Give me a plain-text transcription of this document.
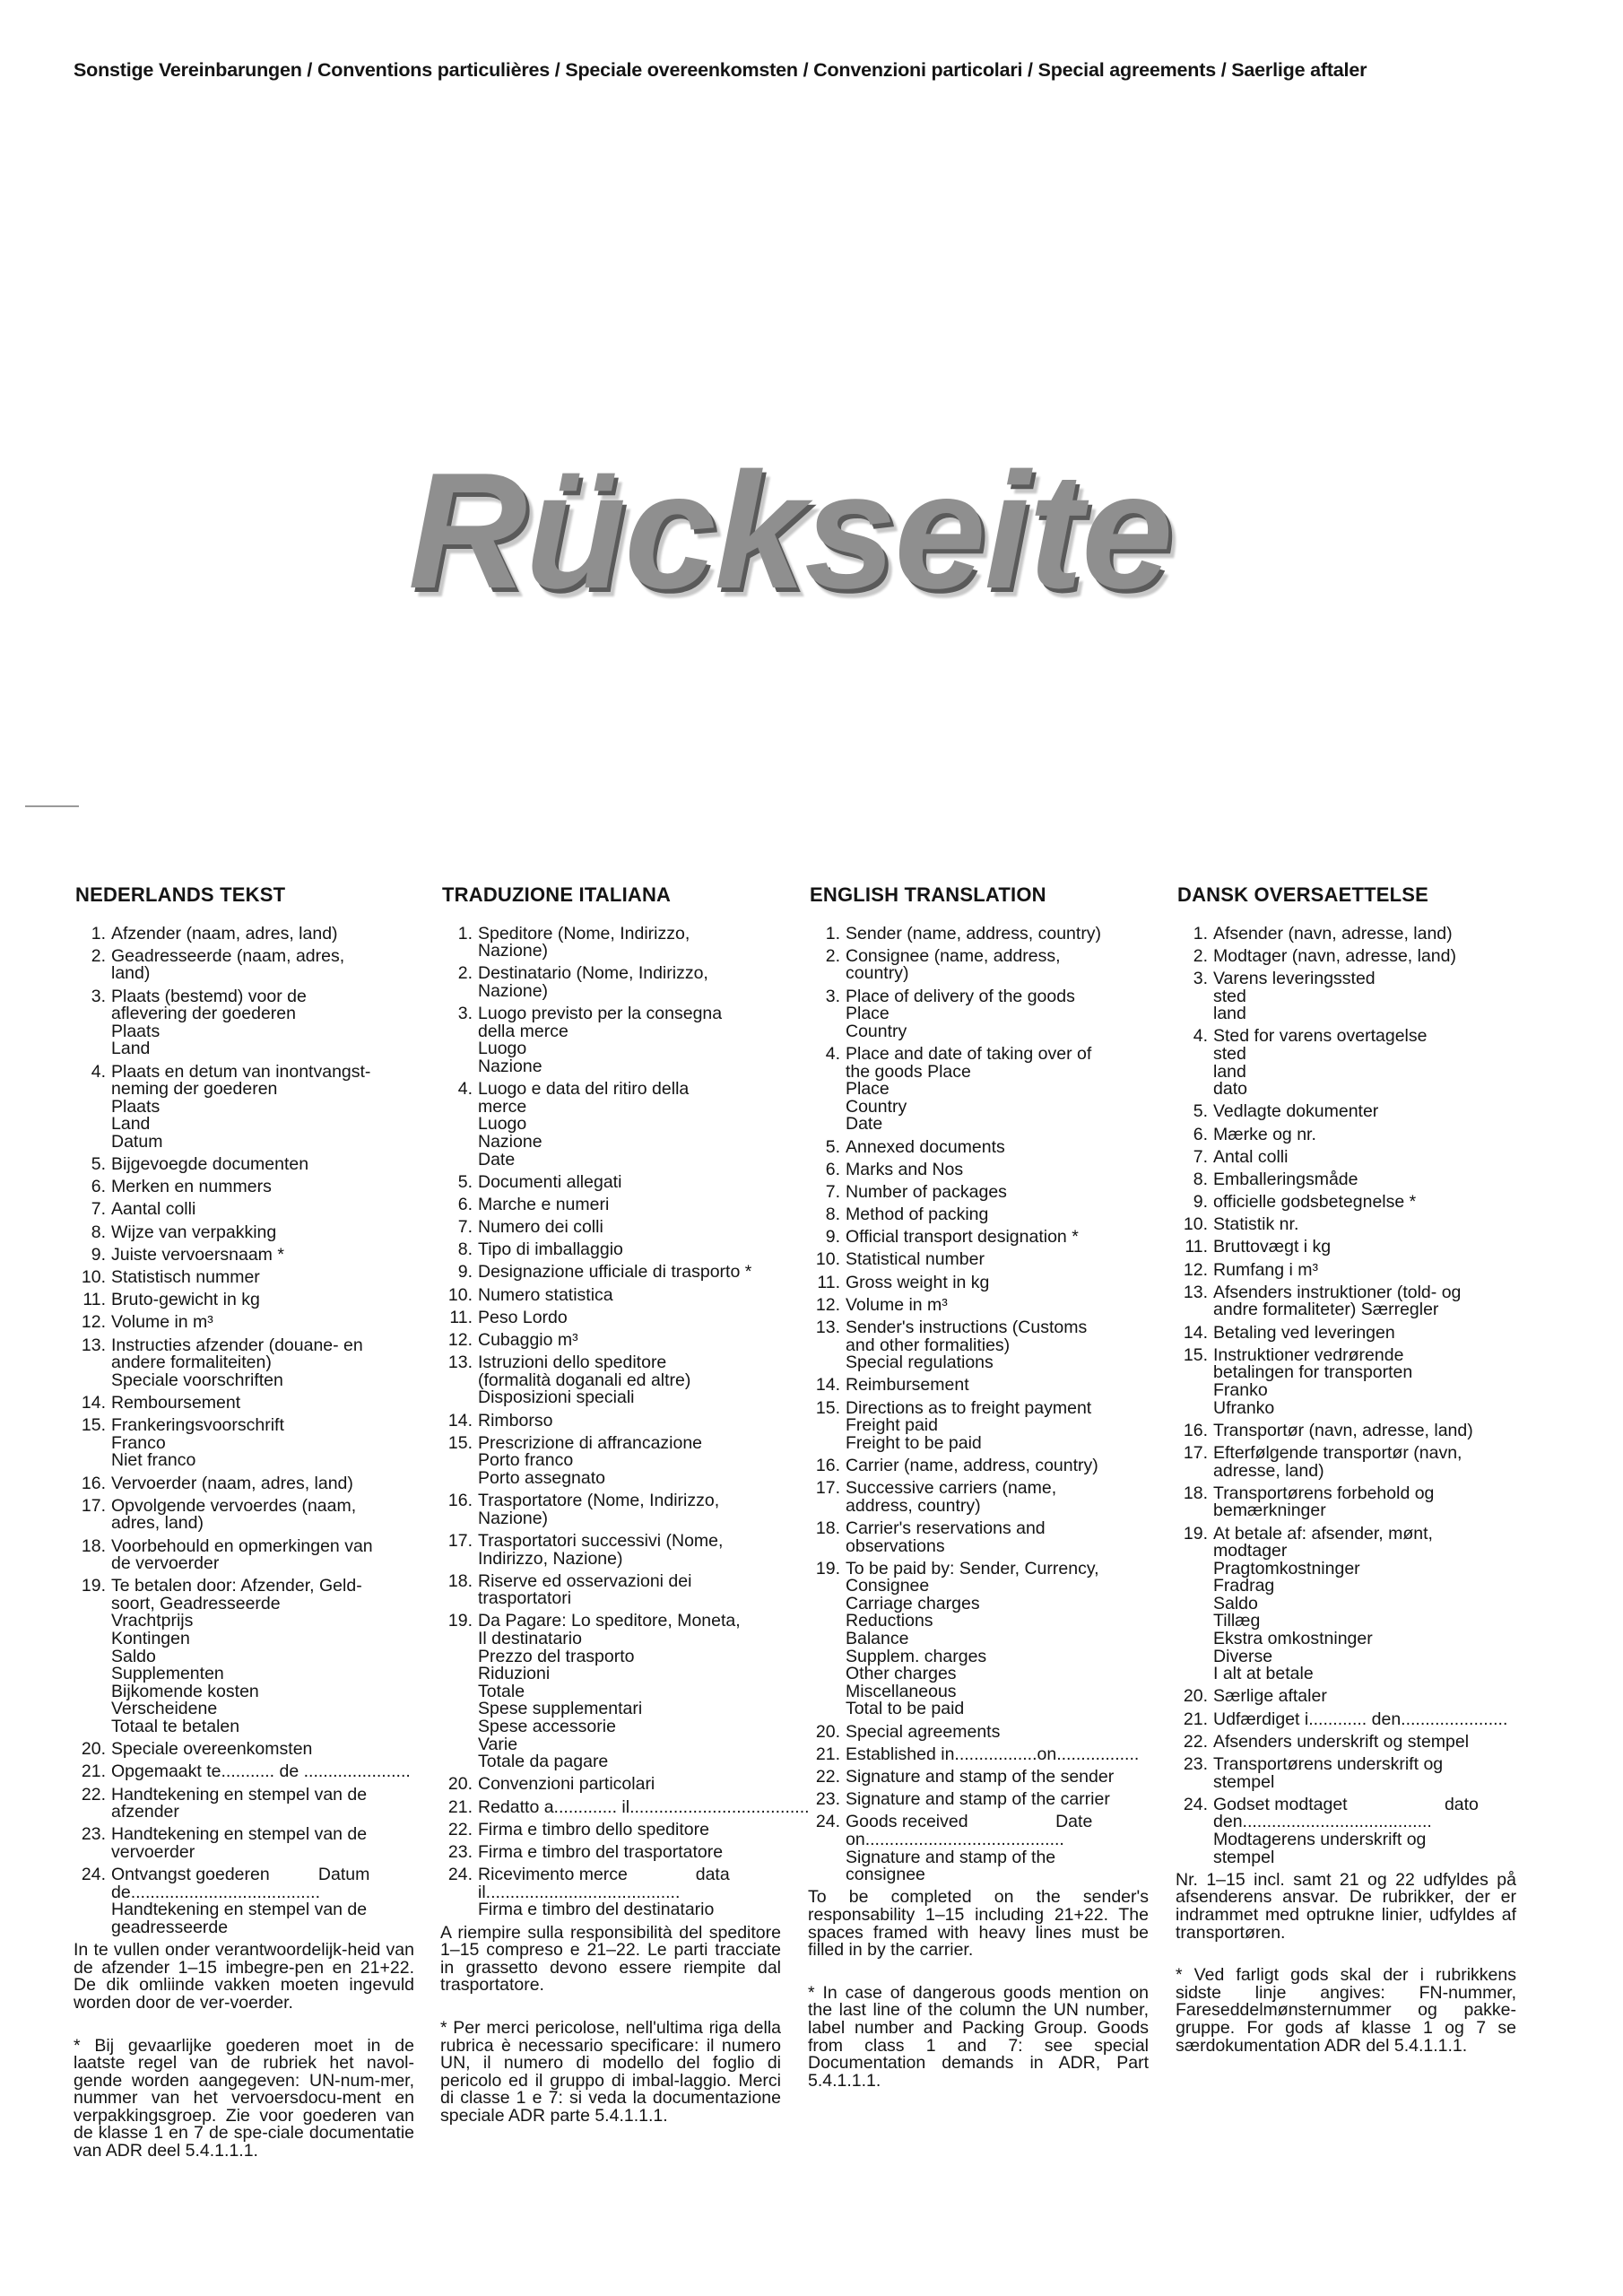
Sonstige Vereinbarungen / Conventions particulières / Speciale overeenkomsten / Convenzioni particolari / Special agreements / Saerlige aftaler
Rückseite
NEDERLANDS TEKST
1. Afzender (naam, adres, land)
2. Geadresseerde (naam, adres,
land)
3. Plaats (bestemd) voor de
aflevering der goederen
Plaats
Land
4. Plaats en detum van inontvangst-
neming der goederen
Plaats
Land
Datum
5. Bijgevoegde documenten
6. Merken en nummers
7. Aantal colli
8. Wijze van verpakking
9. Juiste vervoersnaam *
10. Statistisch nummer
11. Bruto-gewicht in kg
12. Volume in m³
13. Instructies afzender (douane- en
andere formaliteiten)
Speciale voorschriften
14. Remboursement
15. Frankeringsvoorschrift
Franco
Niet franco
16. Vervoerder (naam, adres, land)
17. Opvolgende vervoerdes (naam,
adres, land)
18. Voorbehould en opmerkingen van
de vervoerder
19. Te betalen door: Afzender, Geld-
soort, Geadresseerde
Vrachtprijs
Kontingen
Saldo
Supplementen
Bijkomende kosten
Verscheidene
Totaal te betalen
20. Speciale overeenkomsten
21. Opgemaakt te........... de ......................
22. Handtekening en stempel van de
afzender
23. Handtekening en stempel van de
vervoerder
24. Ontvangst goederen          Datum
de.......................................
Handtekening en stempel van de
geadresseerde
In te vullen onder verantwoordelijk-heid van de afzender 1–15 imbegre-pen en 21+22. De dik omliinde vakken moeten ingevuld worden door de ver-voerder.
* Bij gevaarlijke goederen moet in de laatste regel van de rubriek het navol-gende worden aangegeven: UN-num-mer, nummer van het vervoersdocu-ment en verpakkingsgroep. Zie voor goederen van de klasse 1 en 7 de spe-ciale documentatie van ADR deel 5.4.1.1.1.
TRADUZIONE ITALIANA
1. Speditore (Nome, Indirizzo,
Nazione)
2. Destinatario (Nome, Indirizzo,
Nazione)
3. Luogo previsto per la consegna
della merce
Luogo
Nazione
4. Luogo e data del ritiro della
merce
Luogo
Nazione
Date
5. Documenti allegati
6. Marche e numeri
7. Numero dei colli
8. Tipo di imballaggio
9. Designazione ufficiale di trasporto *
10. Numero statistica
11. Peso Lordo
12. Cubaggio m³
13. Istruzioni dello speditore
(formalità doganali ed altre)
Disposizioni speciali
14. Rimborso
15. Prescrizione di affrancazione
Porto franco
Porto assegnato
16. Trasportatore (Nome, Indirizzo,
Nazione)
17. Trasportatori successivi (Nome,
Indirizzo, Nazione)
18. Riserve ed osservazioni dei
trasportatori
19. Da Pagare: Lo speditore, Moneta,
Il destinatario
Prezzo del trasporto
Riduzioni
Totale
Spese supplementari
Spese accessorie
Varie
Totale da pagare
20. Convenzioni particolari
21. Redatto a............. il.....................................
22. Firma e timbro dello speditore
23. Firma e timbro del trasportatore
24. Ricevimento merce              data
il........................................
Firma e timbro del destinatario
A riempire sulla responsibilità del speditore 1–15 compreso e 21–22. Le parti tracciate in grassetto devono essere riempite dal trasportatore.
* Per merci pericolose, nell'ultima riga della rubrica è necessario specificare: il numero UN, il numero di modello del foglio di pericolo ed il gruppo di imbal-laggio. Merci di classe 1 e 7: si veda la documentazione speciale ADR parte 5.4.1.1.1.
ENGLISH TRANSLATION
1. Sender (name, address, country)
2. Consignee (name, address,
country)
3. Place of delivery of the goods
Place
Country
4. Place and date of taking over of
the goods Place
Place
Country
Date
5. Annexed documents
6. Marks and Nos
7. Number of packages
8. Method of packing
9. Official transport designation *
10. Statistical number
11. Gross weight in kg
12. Volume in m³
13. Sender's instructions (Customs
and other formalities)
Special regulations
14. Reimbursement
15. Directions as to freight payment
Freight paid
Freight to be paid
16. Carrier (name, address, country)
17. Successive carriers (name,
address, country)
18. Carrier's reservations and
observations
19. To be paid by: Sender, Currency,
Consignee
Carriage charges
Reductions
Balance
Supplem. charges
Other charges
Miscellaneous
Total to be paid
20. Special agreements
21. Established in.................on.................
22. Signature and stamp of the sender
23. Signature and stamp of the carrier
24. Goods received                  Date
on.........................................
Signature and stamp of the
consignee
To be completed on the sender's responsability 1–15 including 21+22. The spaces framed with heavy lines must be filled in by the carrier.
* In case of dangerous goods mention on the last line of the column the UN number, label number and Packing Group. Goods from class 1 and 7: see special Documentation demands in ADR, Part 5.4.1.1.1.
DANSK OVERSAETTELSE
1. Afsender (navn, adresse, land)
2. Modtager (navn, adresse, land)
3. Varens leveringssted
sted
land
4. Sted for varens overtagelse
sted
land
dato
5. Vedlagte dokumenter
6. Mærke og nr.
7. Antal colli
8. Emballeringsmåde
9. officielle godsbetegnelse *
10. Statistik nr.
11. Bruttovægt i kg
12. Rumfang i m³
13. Afsenders instruktioner (told- og
andre formaliteter) Særregler
14. Betaling ved leveringen
15. Instruktioner vedrørende
betalingen for transporten
Franko
Ufranko
16. Transportør (navn, adresse, land)
17. Efterfølgende transportør (navn,
adresse, land)
18. Transportørens forbehold og
bemærkninger
19. At betale af: afsender, mønt,
modtager
Pragtomkostninger
Fradrag
Saldo
Tillæg
Ekstra omkostninger
Diverse
I alt at betale
20. Særlige aftaler
21. Udfærdiget i............ den......................
22. Afsenders underskrift og stempel
23. Transportørens underskrift og
stempel
24. Godset modtaget                    dato
den.......................................
Modtagerens underskrift og
stempel
Nr. 1–15 incl. samt 21 og 22 udfyldes på afsenderens ansvar. De rubrikker, der er indrammet med optrukne linier, udfyldes af transportøren.
* Ved farligt gods skal der i rubrikkens sidste linje angives: FN-nummer, Fareseddelmønsternummer og pakke-gruppe. For gods af klasse 1 og 7 se særdokumentation ADR del 5.4.1.1.1.
